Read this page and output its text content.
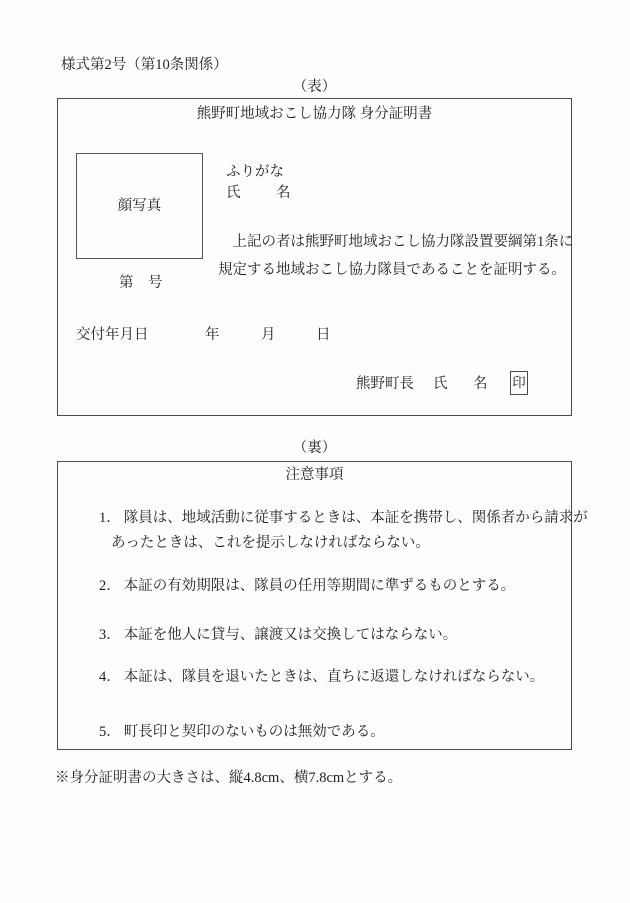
様式第2号（第10条関係）
（表）
熊野町地域おこし協力隊 身分証明書
顔写真
第　号
ふりがな
氏 名
　上記の者は熊野町地域おこし協力隊設置要綱第1条に
規定する地域おこし協力隊員であることを証明する。
交付年月日	年	月	日
熊野町長 氏 名 印
（裏）
注意事項
1． 隊員は、地域活動に従事するときは、本証を携帯し、関係者から請求が
あったときは、これを提示しなければならない。
2． 本証の有効期限は、隊員の任用等期間に準ずるものとする。
3． 本証を他人に貸与、譲渡又は交換してはならない。
4． 本証は、隊員を退いたときは、直ちに返還しなければならない。
5． 町長印と契印のないものは無効である。
※身分証明書の大きさは、縦4.8cm、横7.8cmとする。
